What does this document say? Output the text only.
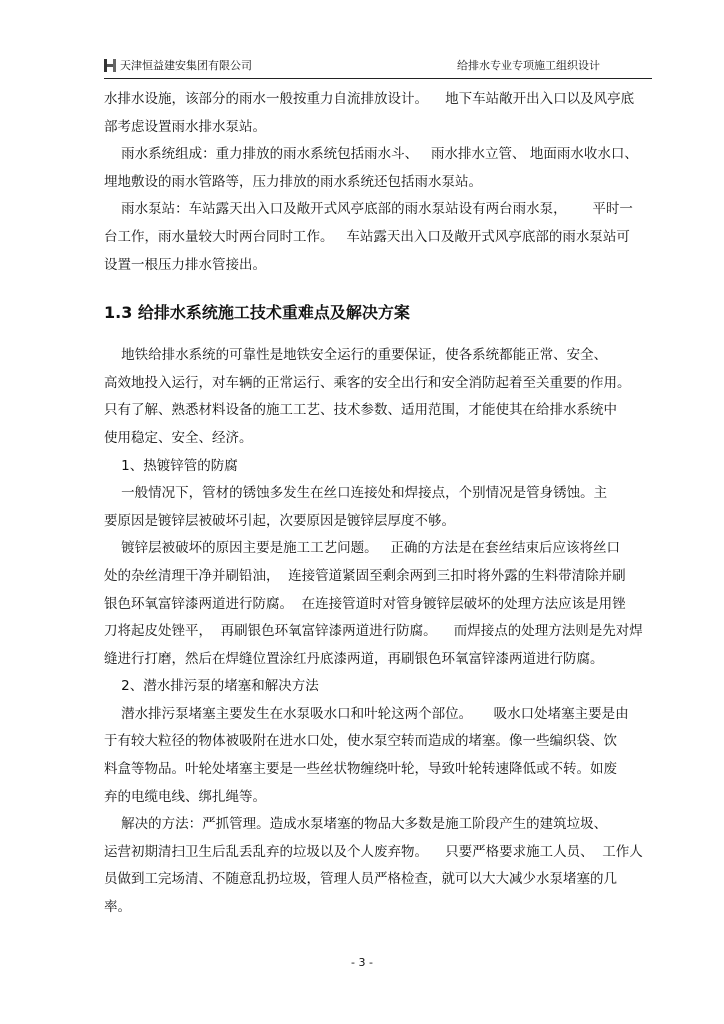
天津恒益建安集团有限公司	给排水专业专项施工组织设计
水排水设施，该部分的雨水一般按重力自流排放设计。    地下车站敞开出入口以及风亭底
部考虑设置雨水排水泵站。
雨水系统组成：重力排放的雨水系统包括雨水斗、   雨水排水立管、 地面雨水收水口、
埋地敷设的雨水管路等，压力排放的雨水系统还包括雨水泵站。
雨水泵站：车站露天出入口及敞开式风亭底部的雨水泵站设有两台雨水泵，      平时一
台工作，雨水量较大时两台同时工作。   车站露天出入口及敞开式风亭底部的雨水泵站可
设置一根压力排水管接出。
1.3 给排水系统施工技术重难点及解决方案
地铁给排水系统的可靠性是地铁安全运行的重要保证，使各系统都能正常、安全、
高效地投入运行，对车辆的正常运行、乘客的安全出行和安全消防起着至关重要的作用。
只有了解、熟悉材料设备的施工工艺、技术参数、适用范围，才能使其在给排水系统中
使用稳定、安全、经济。
1、热镀锌管的防腐
一般情况下，管材的锈蚀多发生在丝口连接处和焊接点，个别情况是管身锈蚀。主
要原因是镀锌层被破坏引起，次要原因是镀锌层厚度不够。
镀锌层被破坏的原因主要是施工工艺问题。   正确的方法是在套丝结束后应该将丝口
处的杂丝清理干净并刷铅油，  连接管道紧固至剩余两到三扣时将外露的生料带清除并刷
银色环氧富锌漆两道进行防腐。  在连接管道时对管身镀锌层破坏的处理方法应该是用锉
刀将起皮处锉平，  再刷银色环氧富锌漆两道进行防腐。    而焊接点的处理方法则是先对焊
缝进行打磨，然后在焊缝位置涂红丹底漆两道，再刷银色环氧富锌漆两道进行防腐。
2、潜水排污泵的堵塞和解决方法
潜水排污泵堵塞主要发生在水泵吸水口和叶轮这两个部位。     吸水口处堵塞主要是由
于有较大粒径的物体被吸附在进水口处，使水泵空转而造成的堵塞。像一些编织袋、饮
料盒等物品。叶轮处堵塞主要是一些丝状物缠绕叶轮，导致叶轮转速降低或不转。如废
弃的电缆电线、绑扎绳等。
解决的方法：严抓管理。造成水泵堵塞的物品大多数是施工阶段产生的建筑垃圾、
运营初期清扫卫生后乱丢乱弃的垃圾以及个人废弃物。    只要严格要求施工人员、  工作人
员做到工完场清、不随意乱扔垃圾，管理人员严格检查，就可以大大减少水泵堵塞的几
率。
- 3 -
